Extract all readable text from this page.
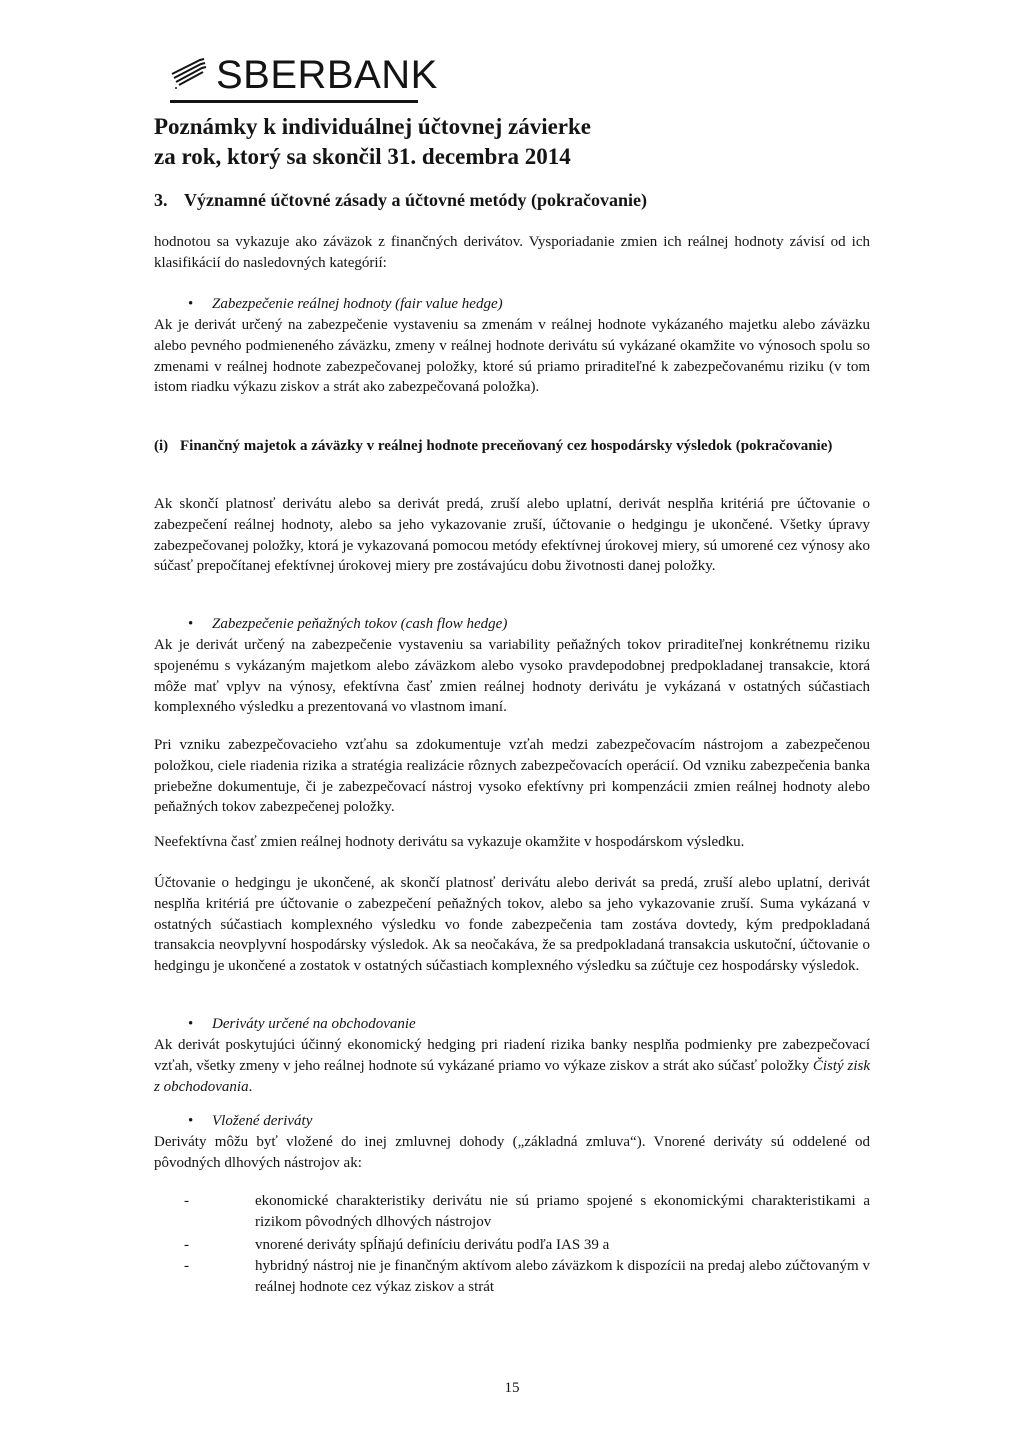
SBERBANK
Poznámky k individuálnej účtovnej závierke
za rok, ktorý sa skončil 31. decembra 2014
3. Významné účtovné zásady a účtovné metódy (pokračovanie)

hodnotou sa vykazuje ako záväzok z finančných derivátov. Vysporiadanie zmien ich reálnej hodnoty závisí od ich klasifikácií do nasledovných kategórií:

• Zabezpečenie reálnej hodnoty (fair value hedge)

Ak je derivát určený na zabezpečenie vystaveniu sa zmenám v reálnej hodnote vykázaného majetku alebo záväzku alebo pevného podmieneného záväzku, zmeny v reálnej hodnote derivátu sú vykázané okamžite vo výnosoch spolu so zmenami v reálnej hodnote zabezpečovanej položky, ktoré sú priamo priraditeľné k zabezpečovanému riziku (v tom istom riadku výkazu ziskov a strát ako zabezpečovaná položka).

(i) Finančný majetok a záväzky v reálnej hodnote preceňovaný cez hospodársky výsledok (pokračovanie)

Ak skončí platnosť derivátu alebo sa derivát predá, zruší alebo uplatní, derivát nesplňa kritériá pre účtovanie o zabezpečení reálnej hodnoty, alebo sa jeho vykazovanie zruší, účtovanie o hedgingu je ukončené. Všetky úpravy zabezpečovanej položky, ktorá je vykazovaná pomocou metódy efektívnej úrokovej miery, sú umorené cez výnosy ako súčasť prepočítanej efektívnej úrokovej miery pre zostávajúcu dobu životnosti danej položky.

• Zabezpečenie peňažných tokov (cash flow hedge)

Ak je derivát určený na zabezpečenie vystaveniu sa variability peňažných tokov priraditeľnej konkrétnemu riziku spojenému s vykázaným majetkom alebo záväzkom alebo vysoko pravdepodobnej predpokladanej transakcie, ktorá môže mať vplyv na výnosy, efektívna časť zmien reálnej hodnoty derivátu je vykázaná v ostatných súčastiach komplexného výsledku a prezentovaná vo vlastnom imaní.

Pri vzniku zabezpečovacieho vzťahu sa zdokumentuje vzťah medzi zabezpečovacím nástrojom a zabezpečenou položkou, ciele riadenia rizika a stratégia realizácie rôznych zabezpečovacích operácií. Od vzniku zabezpečenia banka priebežne dokumentuje, či je zabezpečovací nástroj vysoko efektívny pri kompenzácii zmien reálnej hodnoty alebo peňažných tokov zabezpečenej položky.

Neefektívna časť zmien reálnej hodnoty derivátu sa vykazuje okamžite v hospodárskom výsledku.

Účtovanie o hedgingu je ukončené, ak skončí platnosť derivátu alebo derivát sa predá, zruší alebo uplatní, derivát nesplňa kritériá pre účtovanie o zabezpečení peňažných tokov, alebo sa jeho vykazovanie zruší. Suma vykázaná v ostatných súčastiach komplexného výsledku vo fonde zabezpečenia tam zostáva dovtedy, kým predpokladaná transakcia neovplyvní hospodársky výsledok. Ak sa neočakáva, že sa predpokladaná transakcia uskutoční, účtovanie o hedgingu je ukončené a zostatok v ostatných súčastiach komplexného výsledku sa zúčtuje cez hospodársky výsledok.

• Deriváty určené na obchodovanie

Ak derivát poskytujúci účinný ekonomický hedging pri riadení rizika banky nesplňa podmienky pre zabezpečovací vzťah, všetky zmeny v jeho reálnej hodnote sú vykázané priamo vo výkaze ziskov a strát ako súčasť položky Čistý zisk z obchodovania.

• Vložené deriváty

Deriváty môžu byť vložené do inej zmluvnej dohody („základná zmluva“). Vnorené deriváty sú oddelené od pôvodných dlhových nástrojov ak:

-	ekonomické charakteristiky derivátu nie sú priamo spojené s ekonomickými charakteristikami a rizikom pôvodných dlhových nástrojov
-	vnorené deriváty spĺňajú definíciu derivátu podľa IAS 39 a
-	hybridný nástroj nie je finančným aktívom alebo záväzkom k dispozícii na predaj alebo zúčtovaným v reálnej hodnote cez výkaz ziskov a strát
15
